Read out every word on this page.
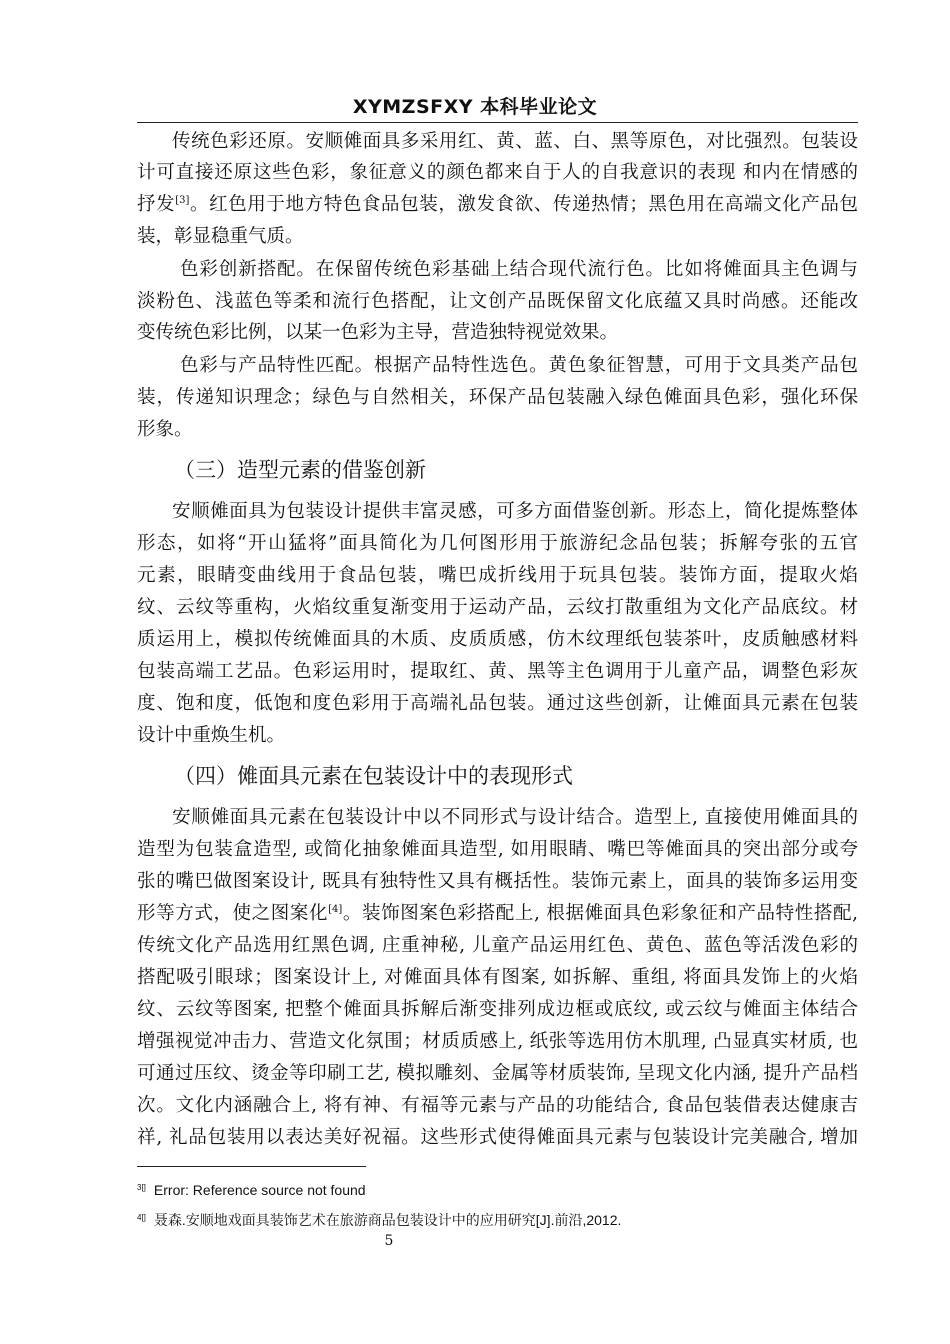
XYMZSFXY 本科毕业论文
传统色彩还原。安顺傩面具多采用红、黄、蓝、白、黑等原色，对比强烈。包装设
计可直接还原这些色彩，象征意义的颜色都来自于人的自我意识的表现 和内在情感的
抒发[3]。红色用于地方特色食品包装，激发食欲、传递热情；黑色用在高端文化产品包
装，彰显稳重气质。
色彩创新搭配。在保留传统色彩基础上结合现代流行色。比如将傩面具主色调与
淡粉色、浅蓝色等柔和流行色搭配，让文创产品既保留文化底蕴又具时尚感。还能改
变传统色彩比例，以某一色彩为主导，营造独特视觉效果。
色彩与产品特性匹配。根据产品特性选色。黄色象征智慧，可用于文具类产品包
装，传递知识理念；绿色与自然相关，环保产品包装融入绿色傩面具色彩，强化环保
形象。
（三）造型元素的借鉴创新
安顺傩面具为包装设计提供丰富灵感，可多方面借鉴创新。形态上，简化提炼整体
形态，如将“开山猛将”面具简化为几何图形用于旅游纪念品包装；拆解夸张的五官
元素，眼睛变曲线用于食品包装，嘴巴成折线用于玩具包装。装饰方面，提取火焰
纹、云纹等重构，火焰纹重复渐变用于运动产品，云纹打散重组为文化产品底纹。材
质运用上，模拟传统傩面具的木质、皮质质感，仿木纹理纸包装茶叶，皮质触感材料
包装高端工艺品。色彩运用时，提取红、黄、黑等主色调用于儿童产品，调整色彩灰
度、饱和度，低饱和度色彩用于高端礼品包装。通过这些创新，让傩面具元素在包装
设计中重焕生机。
（四）傩面具元素在包装设计中的表现形式
安顺傩面具元素在包装设计中以不同形式与设计结合。造型上, 直接使用傩面具的
造型为包装盒造型, 或简化抽象傩面具造型, 如用眼睛、嘴巴等傩面具的突出部分或夸
张的嘴巴做图案设计, 既具有独特性又具有概括性。装饰元素上，面具的装饰多运用变
形等方式，使之图案化[4]。装饰图案色彩搭配上, 根据傩面具色彩象征和产品特性搭配,
传统文化产品选用红黑色调, 庄重神秘, 儿童产品运用红色、黄色、蓝色等活泼色彩的
搭配吸引眼球；图案设计上, 对傩面具体有图案, 如拆解、重组, 将面具发饰上的火焰
纹、云纹等图案, 把整个傩面具拆解后渐变排列成边框或底纹, 或云纹与傩面主体结合
增强视觉冲击力、营造文化氛围；材质质感上, 纸张等选用仿木肌理, 凸显真实材质, 也
可通过压纹、烫金等印刷工艺, 模拟雕刻、金属等材质装饰, 呈现文化内涵, 提升产品档
次。文化内涵融合上, 将有神、有福等元素与产品的功能结合, 食品包装借表达健康吉
祥, 礼品包装用以表达美好祝福。这些形式使得傩面具元素与包装设计完美融合, 增加
$^{3[]}$ Error: Reference source not found
$^{4[]}$ 聂森.安顺地戏面具装饰艺术在旅游商品包装设计中的应用研究[J].前沿,2012.
5
